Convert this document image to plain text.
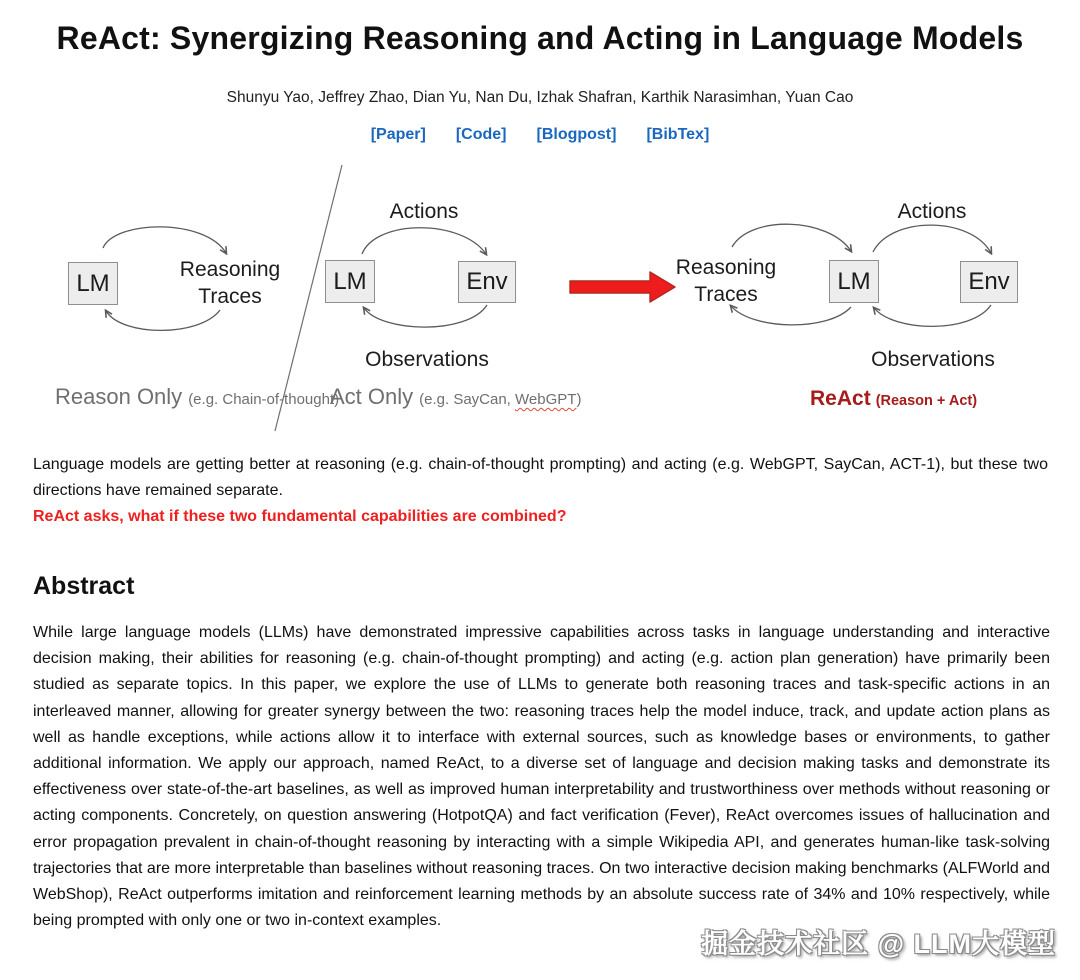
ReAct: Synergizing Reasoning and Acting in Language Models
Shunyu Yao, Jeffrey Zhao, Dian Yu, Nan Du, Izhak Shafran, Karthik Narasimhan, Yuan Cao
[Paper] [Code] [Blogpost] [BibTex]
LM	Reasoning
Traces
Reason Only (e.g. Chain-of-thought)
Actions
LM	Env
Observations
Act Only (e.g. SayCan, WebGPT)
Reasoning
Traces
Actions
LM	Env
Observations
ReAct (Reason + Act)

Language models are getting better at reasoning (e.g. chain-of-thought prompting) and acting (e.g. WebGPT, SayCan, ACT-1), but these two directions have remained separate.

ReAct asks, what if these two fundamental capabilities are combined?

Abstract

While large language models (LLMs) have demonstrated impressive capabilities across tasks in language understanding and interactive decision making, their abilities for reasoning (e.g. chain-of-thought prompting) and acting (e.g. action plan generation) have primarily been studied as separate topics. In this paper, we explore the use of LLMs to generate both reasoning traces and task-specific actions in an interleaved manner, allowing for greater synergy between the two: reasoning traces help the model induce, track, and update action plans as well as handle exceptions, while actions allow it to interface with external sources, such as knowledge bases or environments, to gather additional information. We apply our approach, named ReAct, to a diverse set of language and decision making tasks and demonstrate its effectiveness over state-of-the-art baselines, as well as improved human interpretability and trustworthiness over methods without reasoning or acting components. Concretely, on question answering (HotpotQA) and fact verification (Fever), ReAct overcomes issues of hallucination and error propagation prevalent in chain-of-thought reasoning by interacting with a simple Wikipedia API, and generates human-like task-solving trajectories that are more interpretable than baselines without reasoning traces. On two interactive decision making benchmarks (ALFWorld and WebShop), ReAct outperforms imitation and reinforcement learning methods by an absolute success rate of 34% and 10% respectively, while being prompted with only one or two in-context examples.

掘金技术社区 @ LLM大模型
